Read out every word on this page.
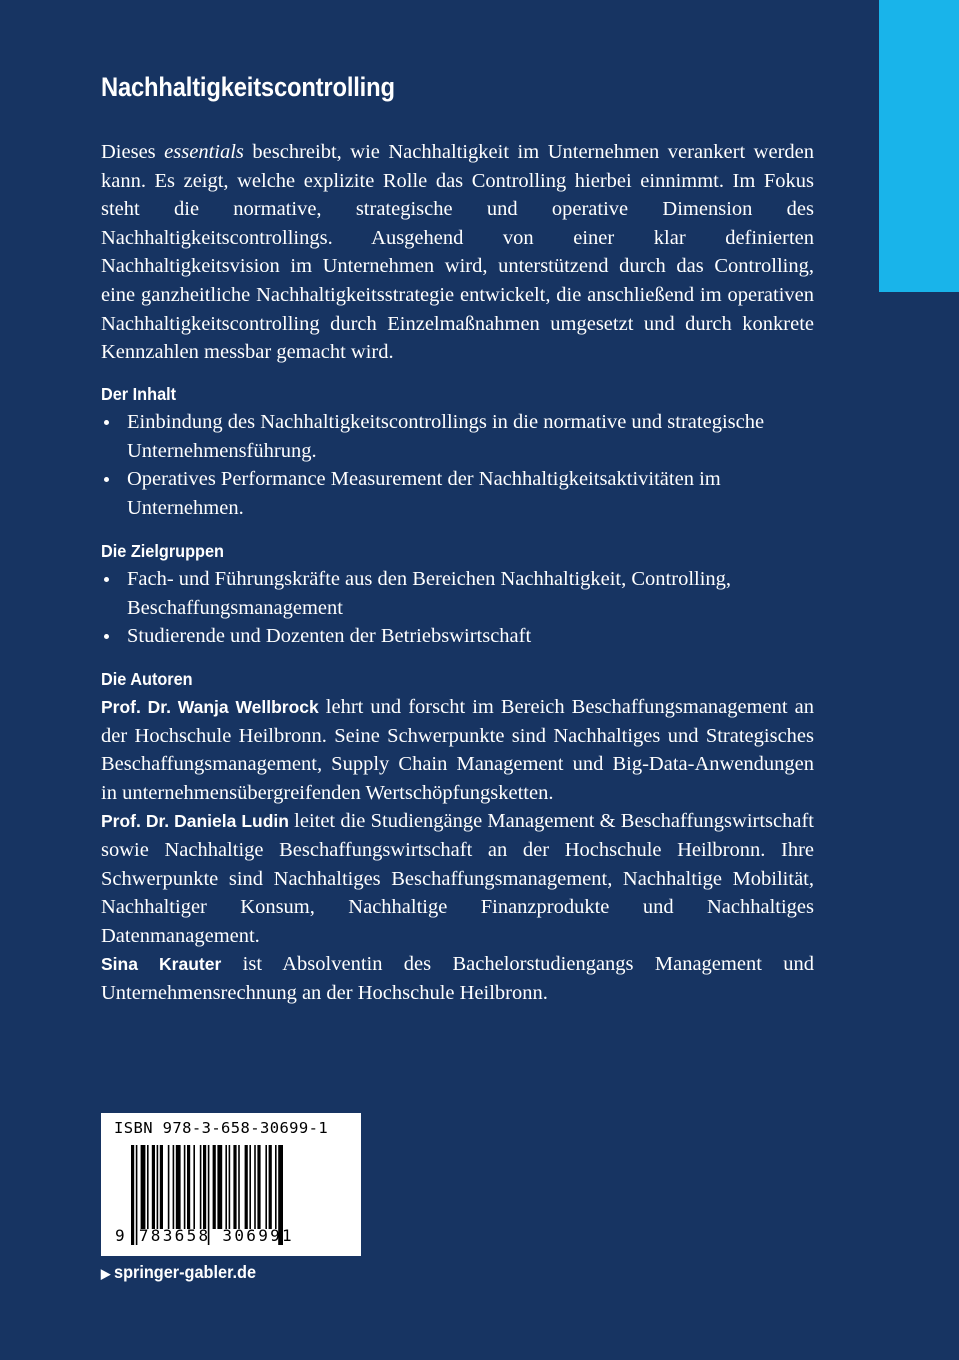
Nachhaltigkeitscontrolling

Dieses essentials beschreibt, wie Nachhaltigkeit im Unternehmen verankert werden kann. Es zeigt, welche explizite Rolle das Controlling hierbei einnimmt. Im Fokus steht die normative, strategische und operative Dimension des Nachhaltigkeitscontrollings. Ausgehend von einer klar definierten Nachhaltigkeitsvision im Unternehmen wird, unterstützend durch das Controlling, eine ganzheitliche Nachhaltigkeitsstrategie entwickelt, die anschließend im operativen Nachhaltigkeitscontrolling durch Einzelmaßnahmen umgesetzt und durch konkrete Kennzahlen messbar gemacht wird.

Der Inhalt
Einbindung des Nachhaltigkeitscontrollings in die normative und strategische Unternehmensführung.
Operatives Performance Measurement der Nachhaltigkeitsaktivitäten im Unternehmen.
Die Zielgruppen
Fach- und Führungskräfte aus den Bereichen Nachhaltigkeit, Controlling, Beschaffungsmanagement
Studierende und Dozenten der Betriebswirtschaft
Die Autoren

Prof. Dr. Wanja Wellbrock lehrt und forscht im Bereich Beschaffungsmanagement an der Hochschule Heilbronn. Seine Schwerpunkte sind Nachhaltiges und Strategisches Beschaffungsmanagement, Supply Chain Management und Big-Data-Anwendungen in unternehmensübergreifenden Wertschöpfungsketten.

Prof. Dr. Daniela Ludin leitet die Studiengänge Management & Beschaffungswirtschaft sowie Nachhaltige Beschaffungswirtschaft an der Hochschule Heilbronn. Ihre Schwerpunkte sind Nachhaltiges Beschaffungsmanagement, Nachhaltige Mobilität, Nachhaltiger Konsum, Nachhaltige Finanzprodukte und Nachhaltiges Datenmanagement.

Sina Krauter ist Absolventin des Bachelorstudiengangs Management und Unternehmensrechnung an der Hochschule Heilbronn.

ISBN 978-3-658-30699-1
9 783658 306991
▶ springer-gabler.de
